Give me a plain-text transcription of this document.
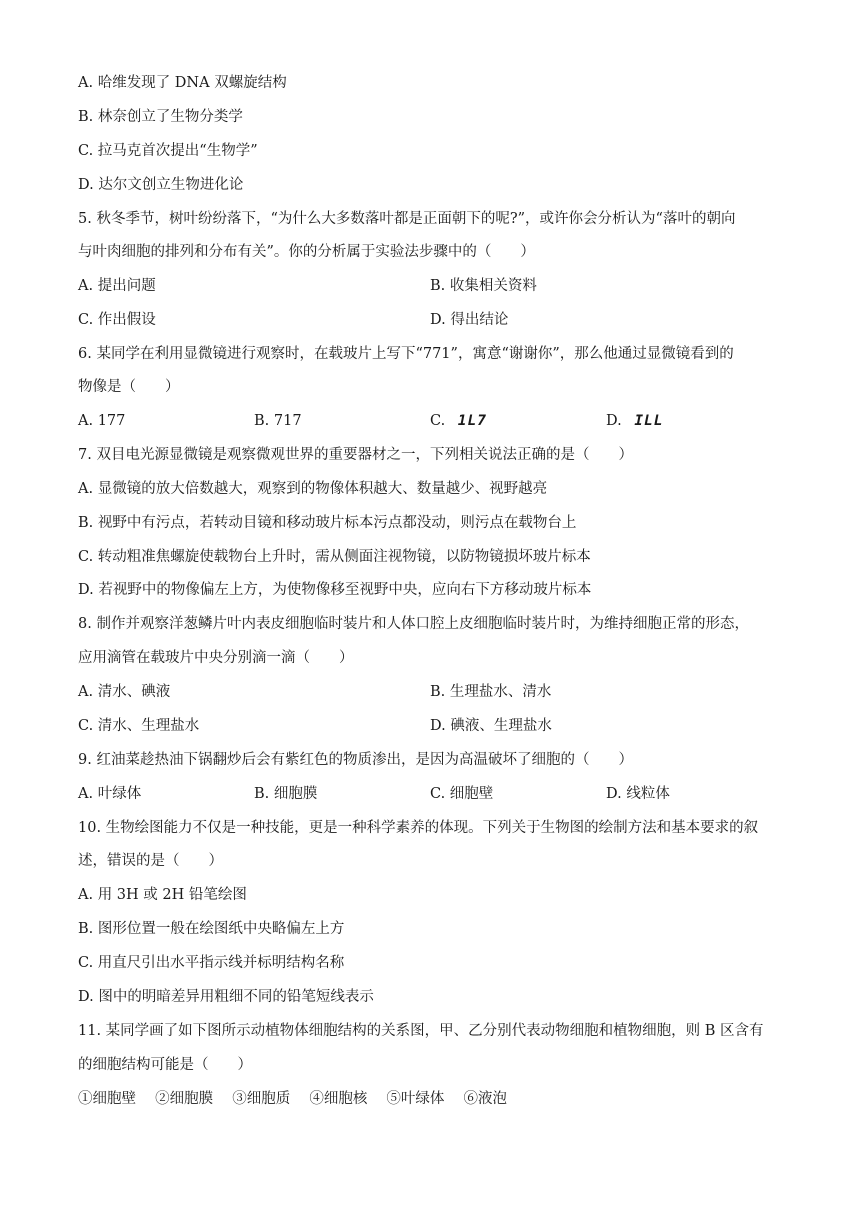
A. 哈维发现了 DNA 双螺旋结构
B. 林奈创立了生物分类学
C. 拉马克首次提出“生物学”
D. 达尔文创立生物进化论
5. 秋冬季节，树叶纷纷落下，“为什么大多数落叶都是正面朝下的呢?”，或许你会分析认为“落叶的朝向
与叶肉细胞的排列和分布有关”。你的分析属于实验法步骤中的（　　）
A. 提出问题	B. 收集相关资料
C. 作出假设	D. 得出结论
6. 某同学在利用显微镜进行观察时，在载玻片上写下“771”，寓意“谢谢你”，那么他通过显微镜看到的
物像是（　　）
A. 177	B. 717	C. 1L7	D. ILL
7. 双目电光源显微镜是观察微观世界的重要器材之一，下列相关说法正确的是（　　）
A. 显微镜的放大倍数越大，观察到的物像体积越大、数量越少、视野越亮
B. 视野中有污点，若转动目镜和移动玻片标本污点都没动，则污点在载物台上
C. 转动粗准焦螺旋使载物台上升时，需从侧面注视物镜，以防物镜损坏玻片标本
D. 若视野中的物像偏左上方，为使物像移至视野中央，应向右下方移动玻片标本
8. 制作并观察洋葱鳞片叶内表皮细胞临时装片和人体口腔上皮细胞临时装片时，为维持细胞正常的形态，
应用滴管在载玻片中央分别滴一滴（　　）
A. 清水、碘液	B. 生理盐水、清水
C. 清水、生理盐水	D. 碘液、生理盐水
9. 红油菜趁热油下锅翻炒后会有紫红色的物质渗出，是因为高温破坏了细胞的（　　）
A. 叶绿体	B. 细胞膜	C. 细胞壁	D. 线粒体
10. 生物绘图能力不仅是一种技能，更是一种科学素养的体现。下列关于生物图的绘制方法和基本要求的叙
述，错误的是（　　）
A. 用 3H 或 2H 铅笔绘图
B. 图形位置一般在绘图纸中央略偏左上方
C. 用直尺引出水平指示线并标明结构名称
D. 图中的明暗差异用粗细不同的铅笔短线表示
11. 某同学画了如下图所示动植物体细胞结构的关系图，甲、乙分别代表动物细胞和植物细胞，则 B 区含有
的细胞结构可能是（　　）
①细胞壁　 ②细胞膜　 ③细胞质　 ④细胞核　 ⑤叶绿体　 ⑥液泡
